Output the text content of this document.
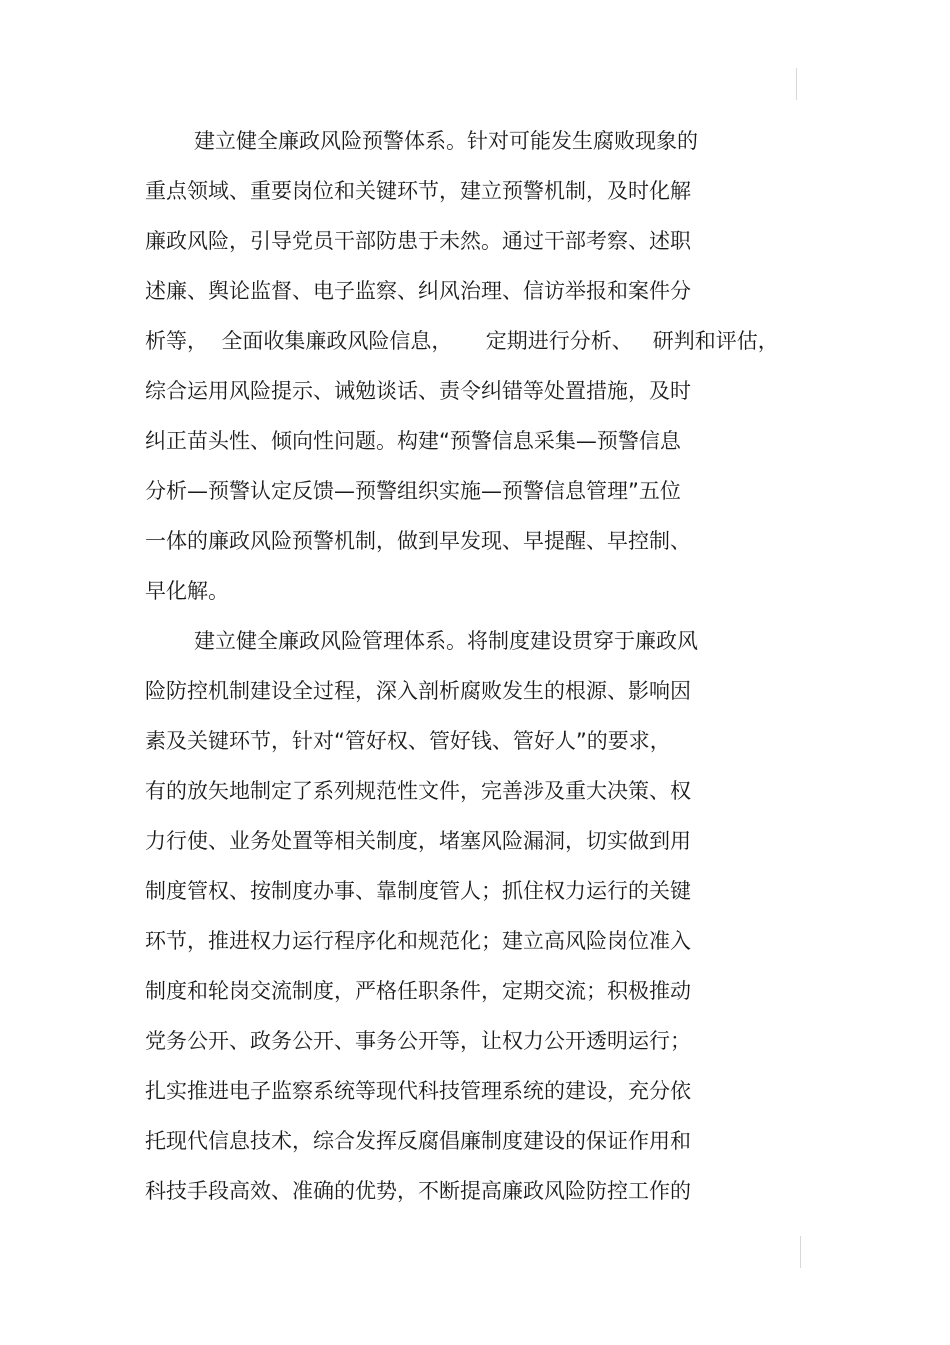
建立健全廉政风险预警体系。针对可能发生腐败现象的
重点领域、重要岗位和关键环节，建立预警机制，及时化解
廉政风险，引导党员干部防患于未然。通过干部考察、述职
述廉、舆论监督、电子监察、纠风治理、信访举报和案件分
析等，  全面收集廉政风险信息，     定期进行分析、   研判和评估，
综合运用风险提示、诫勉谈话、责令纠错等处置措施，及时
纠正苗头性、倾向性问题。构建“预警信息采集—预警信息
分析—预警认定反馈—预警组织实施—预警信息管理”五位
一体的廉政风险预警机制，做到早发现、早提醒、早控制、
早化解。
建立健全廉政风险管理体系。将制度建设贯穿于廉政风
险防控机制建设全过程，深入剖析腐败发生的根源、影响因
素及关键环节，针对“管好权、管好钱、管好人”的要求，
有的放矢地制定了系列规范性文件，完善涉及重大决策、权
力行使、业务处置等相关制度，堵塞风险漏洞，切实做到用
制度管权、按制度办事、靠制度管人；抓住权力运行的关键
环节，推进权力运行程序化和规范化；建立高风险岗位准入
制度和轮岗交流制度，严格任职条件，定期交流；积极推动
党务公开、政务公开、事务公开等，让权力公开透明运行；
扎实推进电子监察系统等现代科技管理系统的建设，充分依
托现代信息技术，综合发挥反腐倡廉制度建设的保证作用和
科技手段高效、准确的优势，不断提高廉政风险防控工作的
